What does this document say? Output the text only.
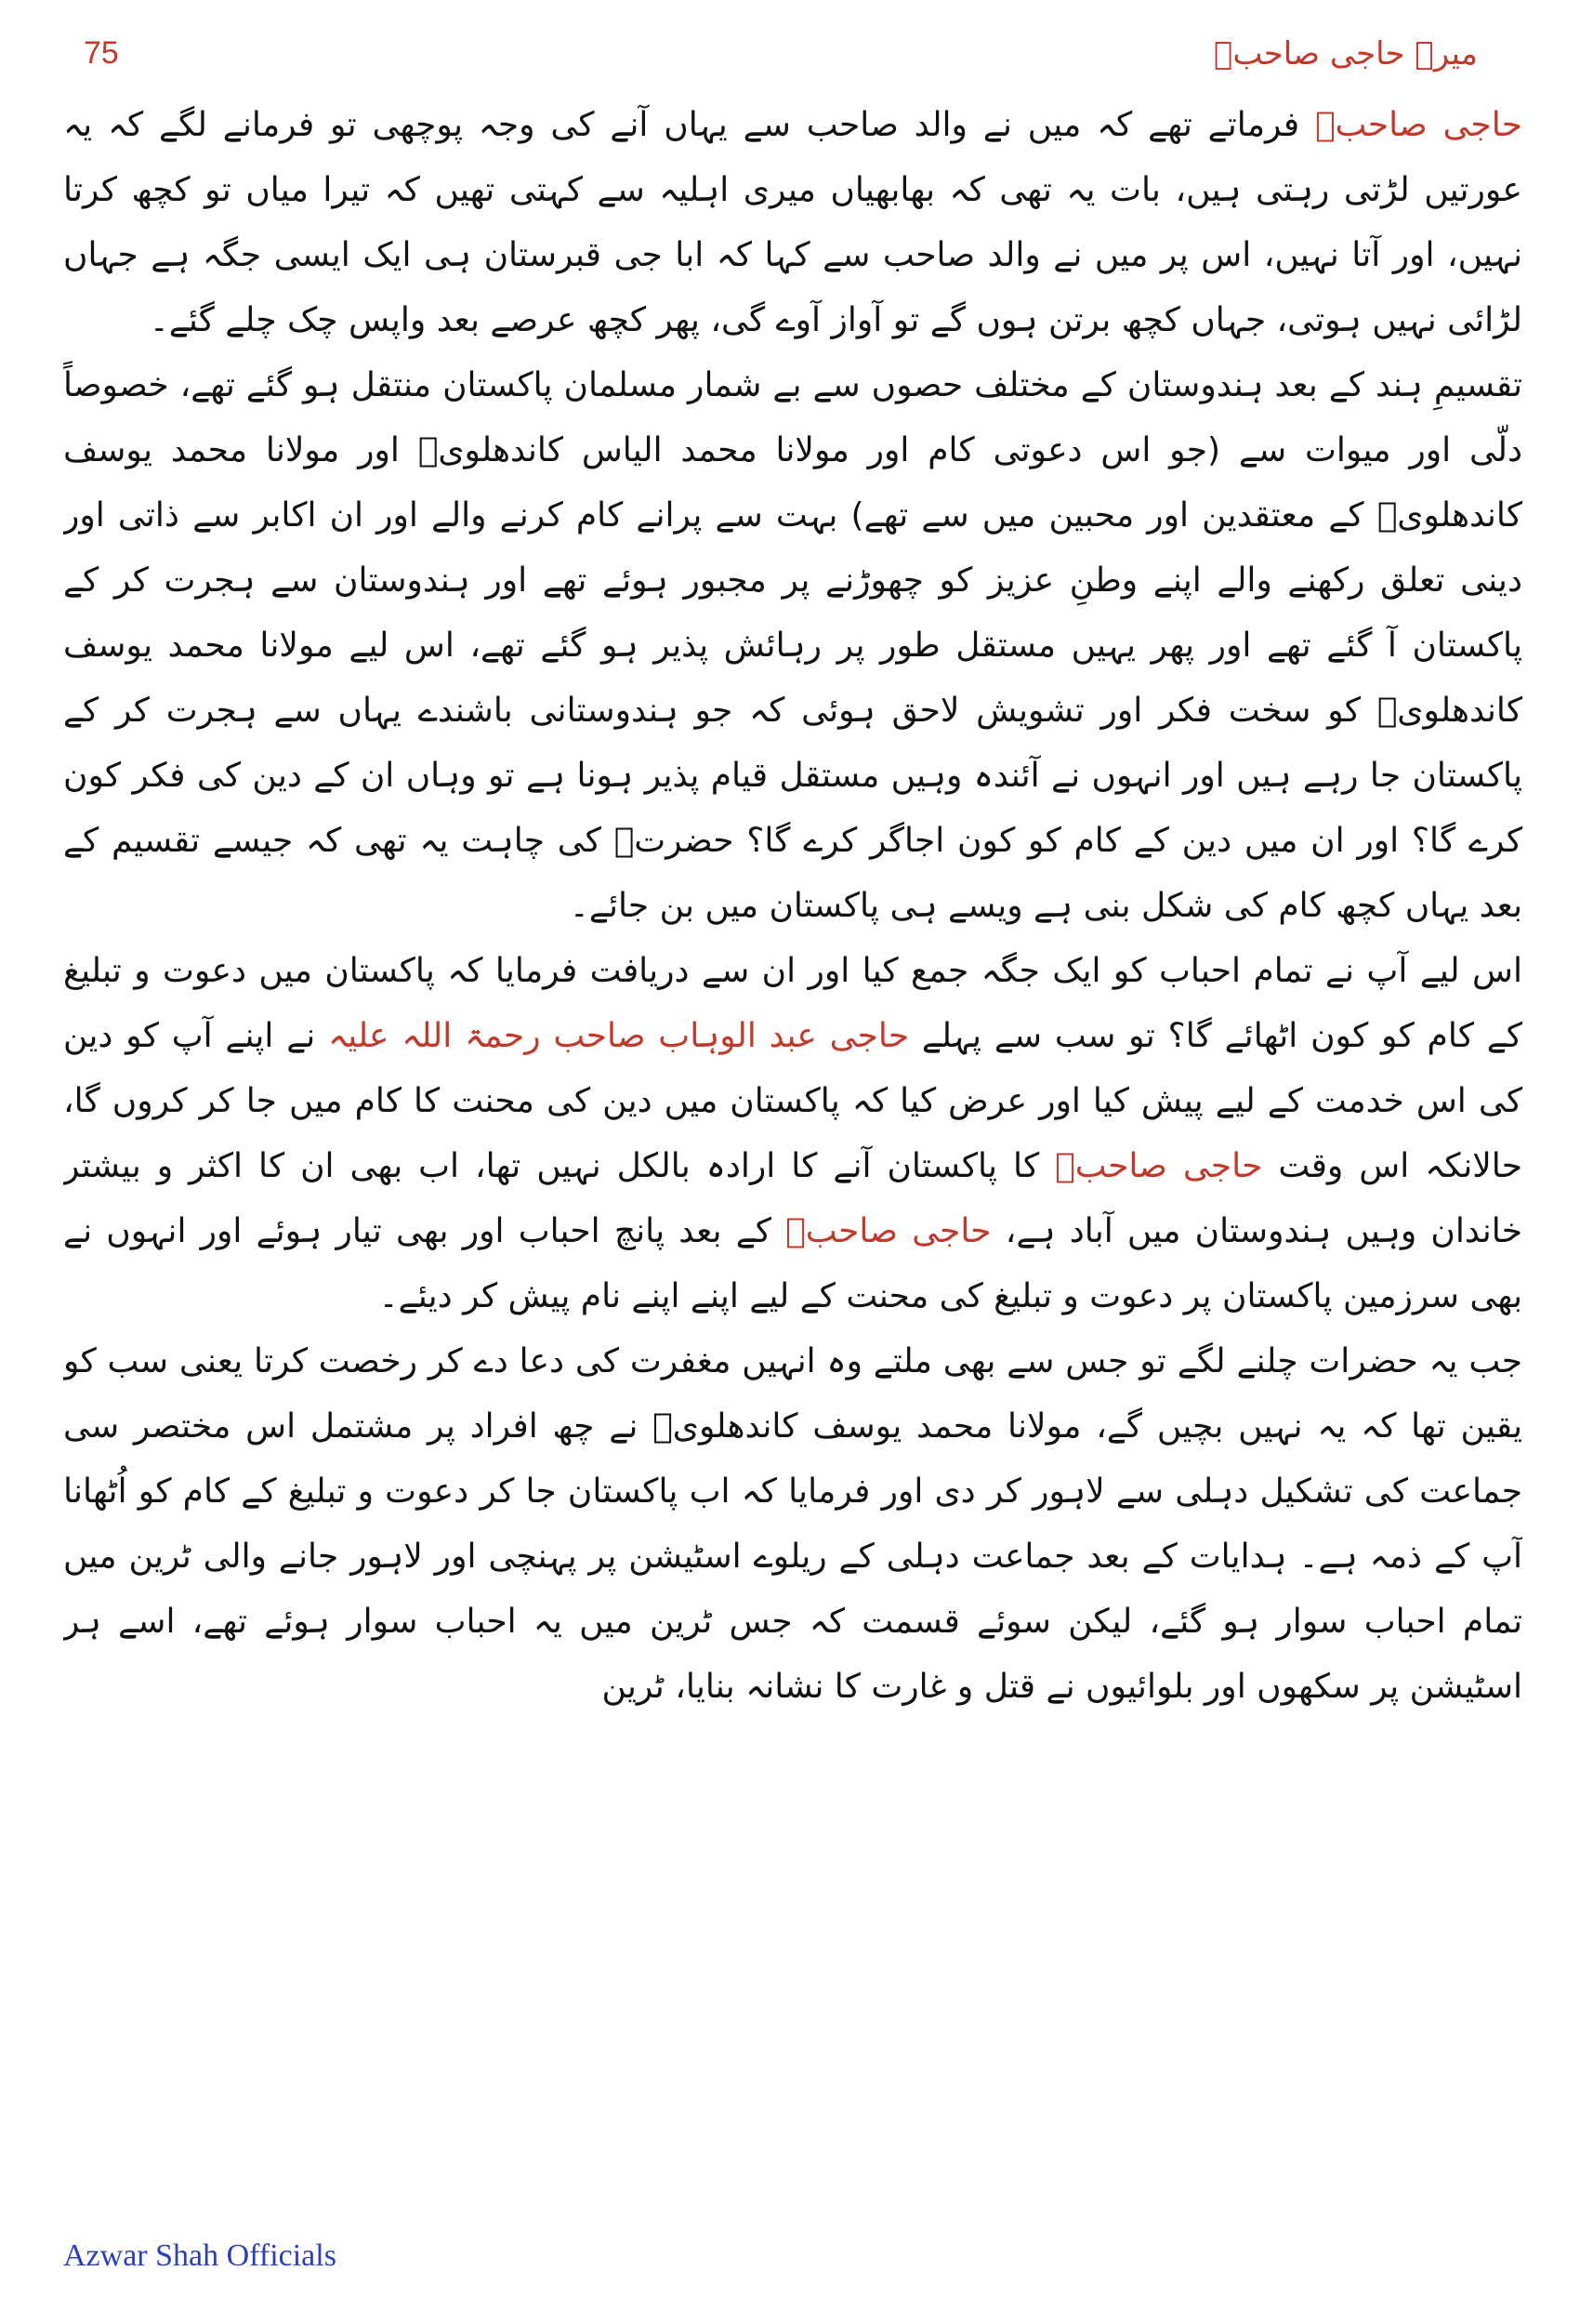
75	میرے حاجی صاحبؒ

حاجی صاحبؒ فرماتے تھے کہ میں نے والد صاحب سے یہاں آنے کی وجہ پوچھی تو فرمانے لگے کہ یہ عورتیں لڑتی رہتی ہیں، بات یہ تھی کہ بھابھیاں میری اہلیہ سے کہتی تھیں کہ تیرا میاں تو کچھ کرتا نہیں، اور آتا نہیں، اس پر میں نے والد صاحب سے کہا کہ ابا جی قبرستان ہی ایک ایسی جگہ ہے جہاں لڑائی نہیں ہوتی، جہاں کچھ برتن ہوں گے تو آواز آوے گی، پھر کچھ عرصے بعد واپس چک چلے گئے۔

تقسیمِ ہند کے بعد ہندوستان کے مختلف حصوں سے بے شمار مسلمان پاکستان منتقل ہو گئے تھے، خصوصاً دلّی اور میوات سے (جو اس دعوتی کام اور مولانا محمد الیاس کاندھلویؒ اور مولانا محمد یوسف کاندھلویؒ کے معتقدین اور محبین میں سے تھے) بہت سے پرانے کام کرنے والے اور ان اکابر سے ذاتی اور دینی تعلق رکھنے والے اپنے وطنِ عزیز کو چھوڑنے پر مجبور ہوئے تھے اور ہندوستان سے ہجرت کر کے پاکستان آ گئے تھے اور پھر یہیں مستقل طور پر رہائش پذیر ہو گئے تھے، اس لیے مولانا محمد یوسف کاندھلویؒ کو سخت فکر اور تشویش لاحق ہوئی کہ جو ہندوستانی باشندے یہاں سے ہجرت کر کے پاکستان جا رہے ہیں اور انہوں نے آئندہ وہیں مستقل قیام پذیر ہونا ہے تو وہاں ان کے دین کی فکر کون کرے گا؟ اور ان میں دین کے کام کو کون اجاگر کرے گا؟ حضرتؒ کی چاہت یہ تھی کہ جیسے تقسیم کے بعد یہاں کچھ کام کی شکل بنی ہے ویسے ہی پاکستان میں بن جائے۔

اس لیے آپ نے تمام احباب کو ایک جگہ جمع کیا اور ان سے دریافت فرمایا کہ پاکستان میں دعوت و تبلیغ کے کام کو کون اٹھائے گا؟ تو سب سے پہلے حاجی عبد الوہاب صاحب رحمۃ اللہ علیہ نے اپنے آپ کو دین کی اس خدمت کے لیے پیش کیا اور عرض کیا کہ پاکستان میں دین کی محنت کا کام میں جا کر کروں گا، حالانکہ اس وقت حاجی صاحبؒ کا پاکستان آنے کا ارادہ بالکل نہیں تھا، اب بھی ان کا اکثر و بیشتر خاندان وہیں ہندوستان میں آباد ہے، حاجی صاحبؒ کے بعد پانچ احباب اور بھی تیار ہوئے اور انہوں نے بھی سرزمین پاکستان پر دعوت و تبلیغ کی محنت کے لیے اپنے اپنے نام پیش کر دیئے۔

جب یہ حضرات چلنے لگے تو جس سے بھی ملتے وہ انہیں مغفرت کی دعا دے کر رخصت کرتا یعنی سب کو یقین تھا کہ یہ نہیں بچیں گے، مولانا محمد یوسف کاندھلویؒ نے چھ افراد پر مشتمل اس مختصر سی جماعت کی تشکیل دہلی سے لاہور کر دی اور فرمایا کہ اب پاکستان جا کر دعوت و تبلیغ کے کام کو اُٹھانا آپ کے ذمہ ہے۔ ہدایات کے بعد جماعت دہلی کے ریلوے اسٹیشن پر پہنچی اور لاہور جانے والی ٹرین میں تمام احباب سوار ہو گئے، لیکن سوئے قسمت کہ جس ٹرین میں یہ احباب سوار ہوئے تھے، اسے ہر اسٹیشن پر سکھوں اور بلوائیوں نے قتل و غارت کا نشانہ بنایا، ٹرین

Azwar Shah Officials
